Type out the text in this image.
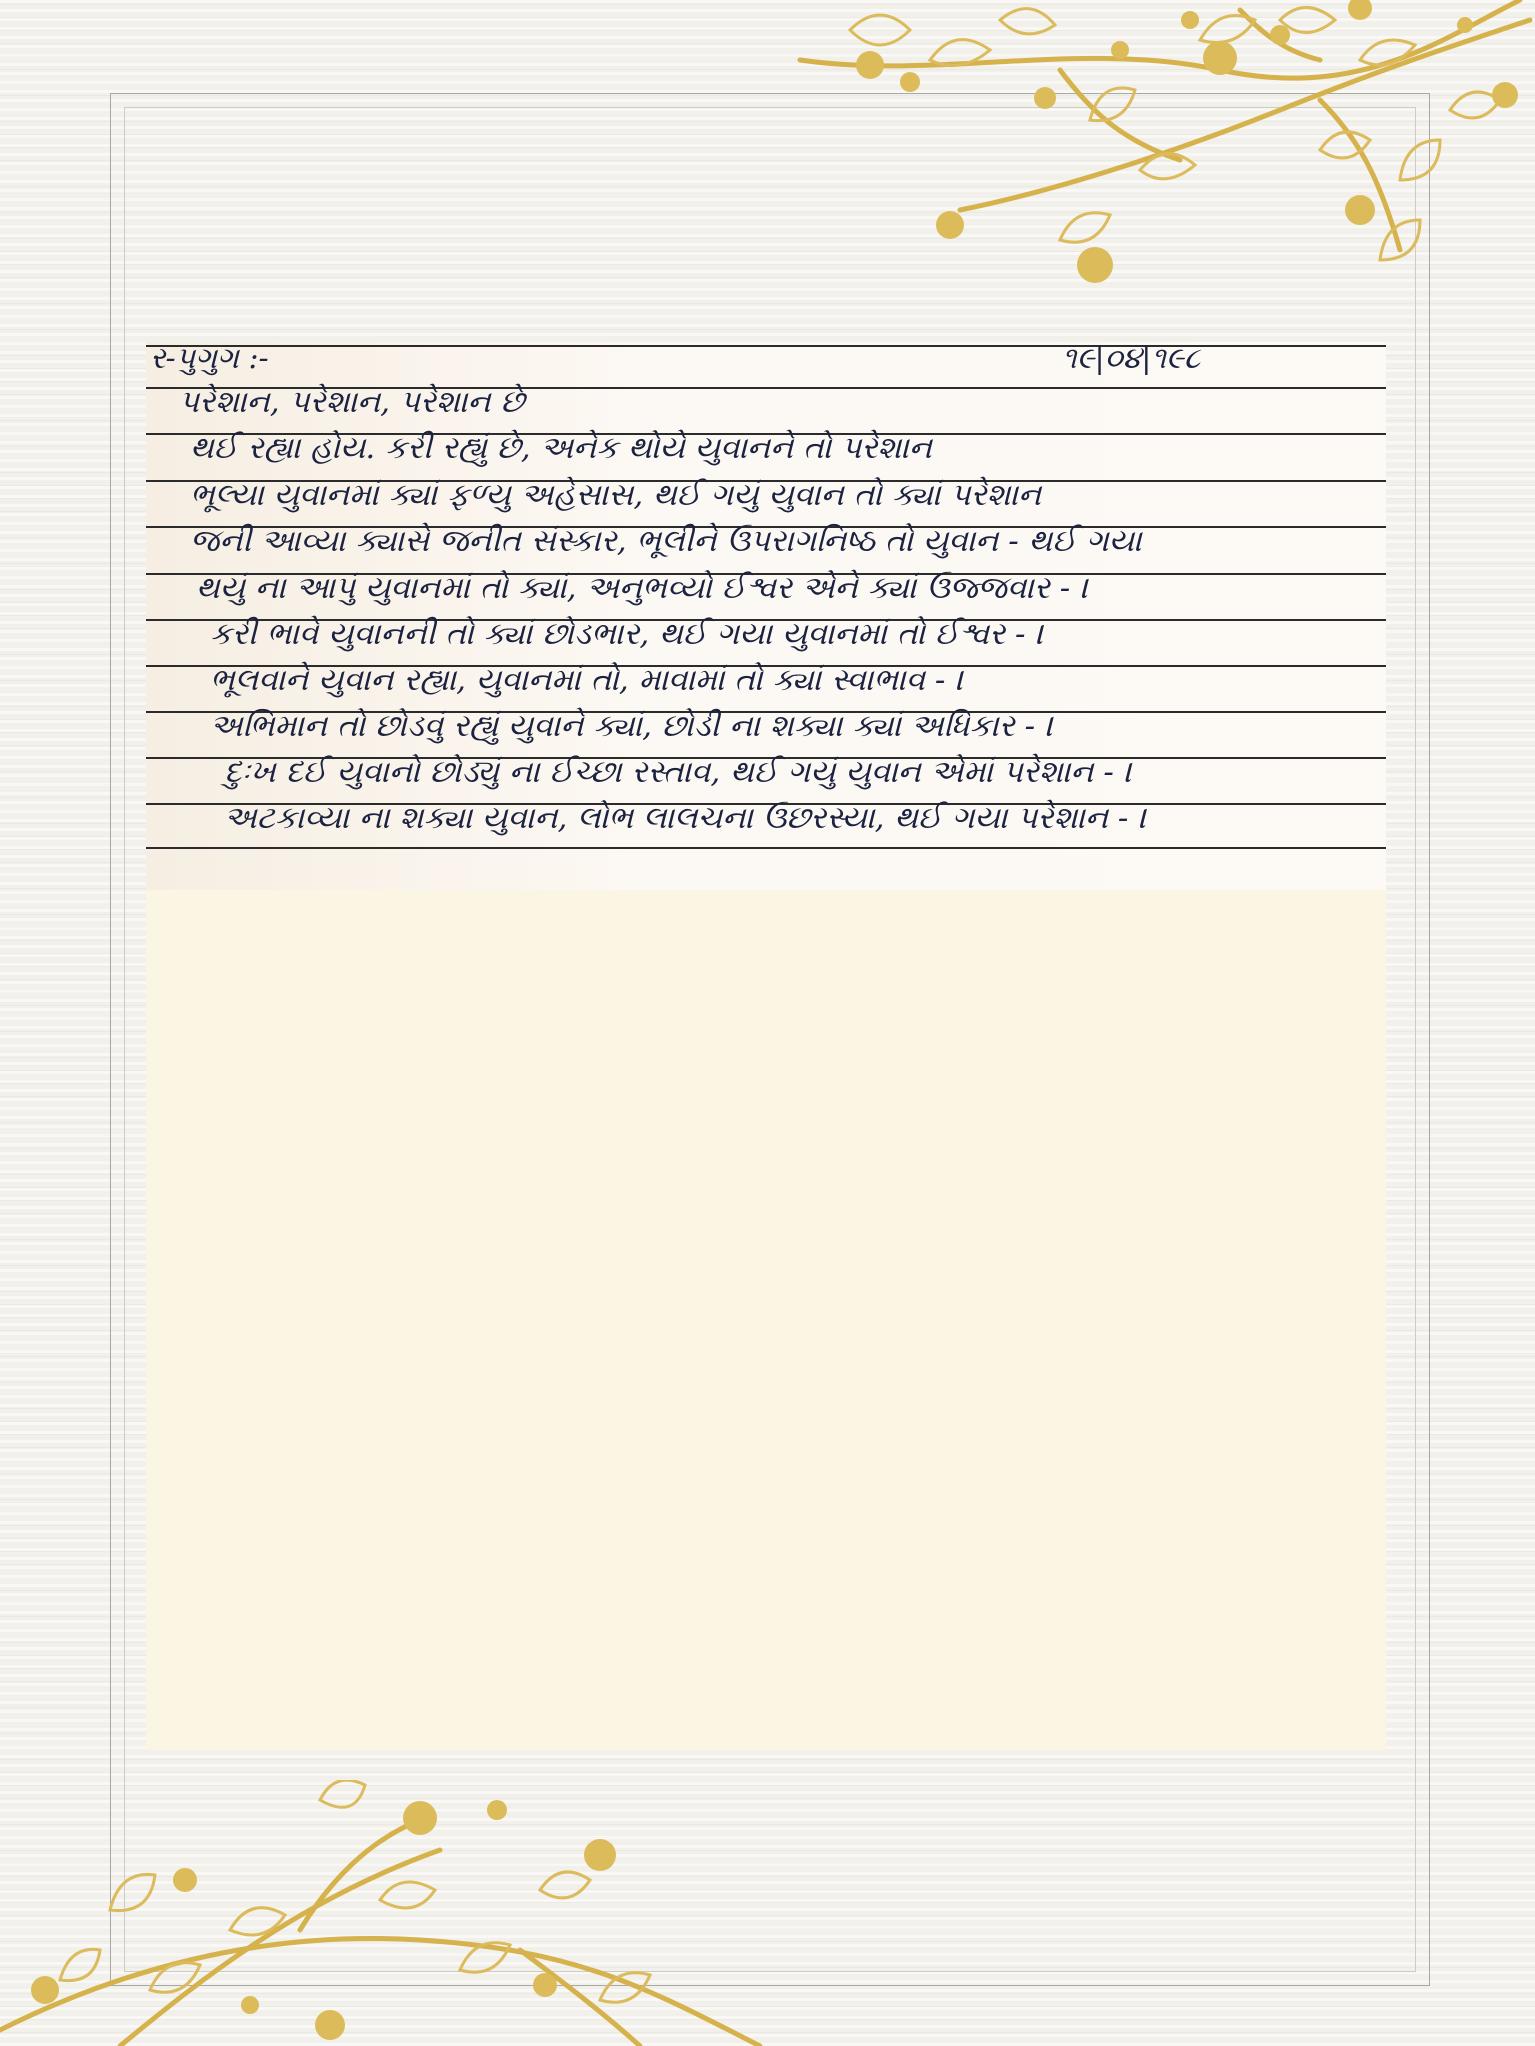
ર-પુગુગ :-	૧૯|૦૪|૧૯૮

પરેશાન, પરેશાન, પરેશાન છે

થઈ રહ્યા હોય. કરી રહ્યું છે, અનેક થોયે યુવાનને તો પરેશાન

ભૂલ્યા યુવાનમાં ક્યાં ફળ્યુ અહેસાસ, થઈ ગયું યુવાન તો ક્યાં પરેશાન

જની આવ્યા ક્યાસે જનીત સંસ્કાર, ભૂલીને ઉપરાગનિષ્ઠ તો યુવાન - થઈ ગયા

થયું ના આપું યુવાનમાં તો ક્યાં, અનુભવ્યો ઈશ્વર એને ક્યાં ઉજ્જવાર - ।

કરી ભાવે યુવાનની તો ક્યાં છોડભાર, થઈ ગયા યુવાનમાં તો ઈશ્વર - ।

ભૂલવાને યુવાન રહ્યા, યુવાનમાં તો, માવામાં તો ક્યાં સ્વાભાવ - ।

અભિમાન તો છોડવું રહ્યું યુવાને ક્યાં, છોડી ના શક્યા ક્યાં અધિકાર - ।

દુઃખ દઈ યુવાનો છોડ્યું ના ઈચ્છા રસ્તાવ, થઈ ગયું યુવાન એમાં પરેશાન - ।

અટકાવ્યા ના શક્યા યુવાન, લોભ લાલચના ઉછરસ્યા, થઈ ગયા પરેશાન - ।
